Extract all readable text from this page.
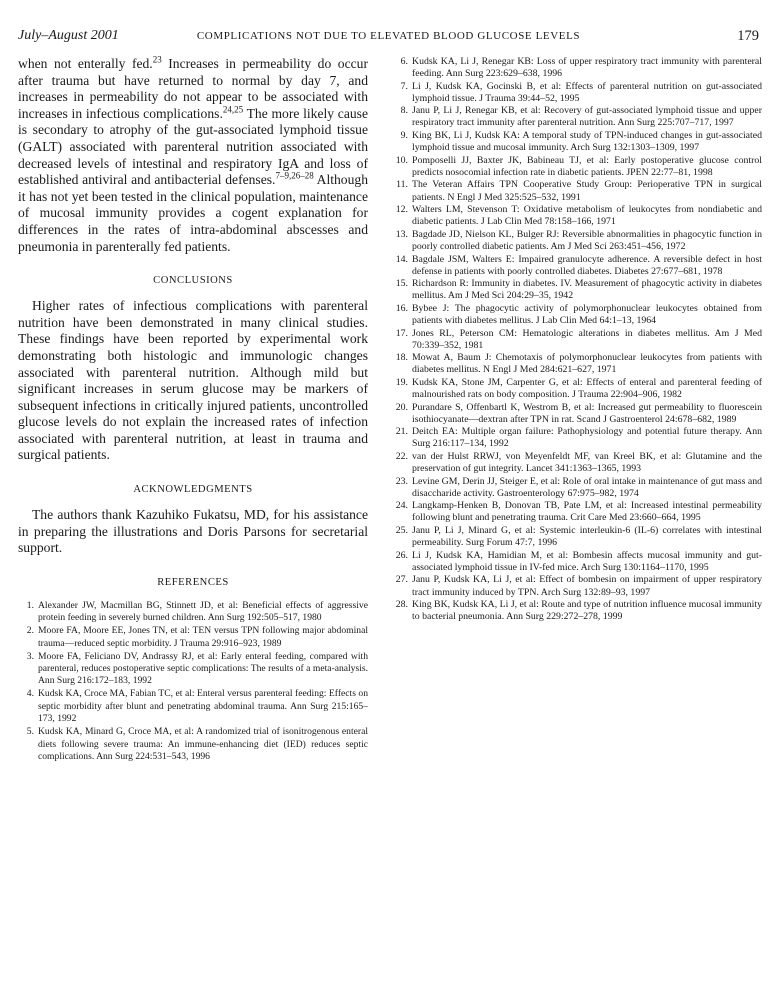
July–August 2001	COMPLICATIONS NOT DUE TO ELEVATED BLOOD GLUCOSE LEVELS	179

when not enterally fed.$^{23}$ Increases in permeability do occur after trauma but have returned to normal by day 7, and increases in permeability do not appear to be associated with increases in infectious complications.$^{24,25}$ The more likely cause is secondary to atrophy of the gut-associated lymphoid tissue (GALT) associated with parenteral nutrition associated with decreased levels of intestinal and respiratory IgA and loss of established antiviral and antibacterial defenses.$^{7-9,26-28}$ Although it has not yet been tested in the clinical population, maintenance of mucosal immunity provides a cogent explanation for differences in the rates of intra-abdominal abscesses and pneumonia in parenterally fed patients.

CONCLUSIONS

Higher rates of infectious complications with parenteral nutrition have been demonstrated in many clinical studies. These findings have been reported by experimental work demonstrating both histologic and immunologic changes associated with parenteral nutrition. Although mild but significant increases in serum glucose may be markers of subsequent infections in critically injured patients, uncontrolled glucose levels do not explain the increased rates of infection associated with parenteral nutrition, at least in trauma and surgical patients.

ACKNOWLEDGMENTS

The authors thank Kazuhiko Fukatsu, MD, for his assistance in preparing the illustrations and Doris Parsons for secretarial support.

REFERENCES
1. Alexander JW, Macmillan BG, Stinnett JD, et al: Beneficial effects of aggressive protein feeding in severely burned children. Ann Surg 192:505–517, 1980
2. Moore FA, Moore EE, Jones TN, et al: TEN versus TPN following major abdominal trauma—reduced septic morbidity. J Trauma 29:916–923, 1989
3. Moore FA, Feliciano DV, Andrassy RJ, et al: Early enteral feeding, compared with parenteral, reduces postoperative septic complications: The results of a meta-analysis. Ann Surg 216:172–183, 1992
4. Kudsk KA, Croce MA, Fabian TC, et al: Enteral versus parenteral feeding: Effects on septic morbidity after blunt and penetrating abdominal trauma. Ann Surg 215:165–173, 1992
5. Kudsk KA, Minard G, Croce MA, et al: A randomized trial of isonitrogenous enteral diets following severe trauma: An immune-enhancing diet (IED) reduces septic complications. Ann Surg 224:531–543, 1996
6. Kudsk KA, Li J, Renegar KB: Loss of upper respiratory tract immunity with parenteral feeding. Ann Surg 223:629–638, 1996
7. Li J, Kudsk KA, Gocinski B, et al: Effects of parenteral nutrition on gut-associated lymphoid tissue. J Trauma 39:44–52, 1995
8. Janu P, Li J, Renegar KB, et al: Recovery of gut-associated lymphoid tissue and upper respiratory tract immunity after parenteral nutrition. Ann Surg 225:707–717, 1997
9. King BK, Li J, Kudsk KA: A temporal study of TPN-induced changes in gut-associated lymphoid tissue and mucosal immunity. Arch Surg 132:1303–1309, 1997
10. Pomposelli JJ, Baxter JK, Babineau TJ, et al: Early postoperative glucose control predicts nosocomial infection rate in diabetic patients. JPEN 22:77–81, 1998
11. The Veteran Affairs TPN Cooperative Study Group: Perioperative TPN in surgical patients. N Engl J Med 325:525–532, 1991
12. Walters LM, Stevenson T: Oxidative metabolism of leukocytes from nondiabetic and diabetic patients. J Lab Clin Med 78:158–166, 1971
13. Bagdade JD, Nielson KL, Bulger RJ: Reversible abnormalities in phagocytic function in poorly controlled diabetic patients. Am J Med Sci 263:451–456, 1972
14. Bagdale JSM, Walters E: Impaired granulocyte adherence. A reversible defect in host defense in patients with poorly controlled diabetes. Diabetes 27:677–681, 1978
15. Richardson R: Immunity in diabetes. IV. Measurement of phagocytic activity in diabetes mellitus. Am J Med Sci 204:29–35, 1942
16. Bybee J: The phagocytic activity of polymorphonuclear leukocytes obtained from patients with diabetes mellitus. J Lab Clin Med 64:1–13, 1964
17. Jones RL, Peterson CM: Hematologic alterations in diabetes mellitus. Am J Med 70:339–352, 1981
18. Mowat A, Baum J: Chemotaxis of polymorphonuclear leukocytes from patients with diabetes mellitus. N Engl J Med 284:621–627, 1971
19. Kudsk KA, Stone JM, Carpenter G, et al: Effects of enteral and parenteral feeding of malnourished rats on body composition. J Trauma 22:904–906, 1982
20. Purandare S, Offenbartl K, Westrom B, et al: Increased gut permeability to fluorescein isothiocyanate—dextran after TPN in rat. Scand J Gastroenterol 24:678–682, 1989
21. Deitch EA: Multiple organ failure: Pathophysiology and potential future therapy. Ann Surg 216:117–134, 1992
22. van der Hulst RRWJ, von Meyenfeldt MF, van Kreel BK, et al: Glutamine and the preservation of gut integrity. Lancet 341:1363–1365, 1993
23. Levine GM, Derin JJ, Steiger E, et al: Role of oral intake in maintenance of gut mass and disaccharide activity. Gastroenterology 67:975–982, 1974
24. Langkamp-Henken B, Donovan TB, Pate LM, et al: Increased intestinal permeability following blunt and penetrating trauma. Crit Care Med 23:660–664, 1995
25. Janu P, Li J, Minard G, et al: Systemic interleukin-6 (IL-6) correlates with intestinal permeability. Surg Forum 47:7, 1996
26. Li J, Kudsk KA, Hamidian M, et al: Bombesin affects mucosal immunity and gut-associated lymphoid tissue in IV-fed mice. Arch Surg 130:1164–1170, 1995
27. Janu P, Kudsk KA, Li J, et al: Effect of bombesin on impairment of upper respiratory tract immunity induced by TPN. Arch Surg 132:89–93, 1997
28. King BK, Kudsk KA, Li J, et al: Route and type of nutrition influence mucosal immunity to bacterial pneumonia. Ann Surg 229:272–278, 1999
